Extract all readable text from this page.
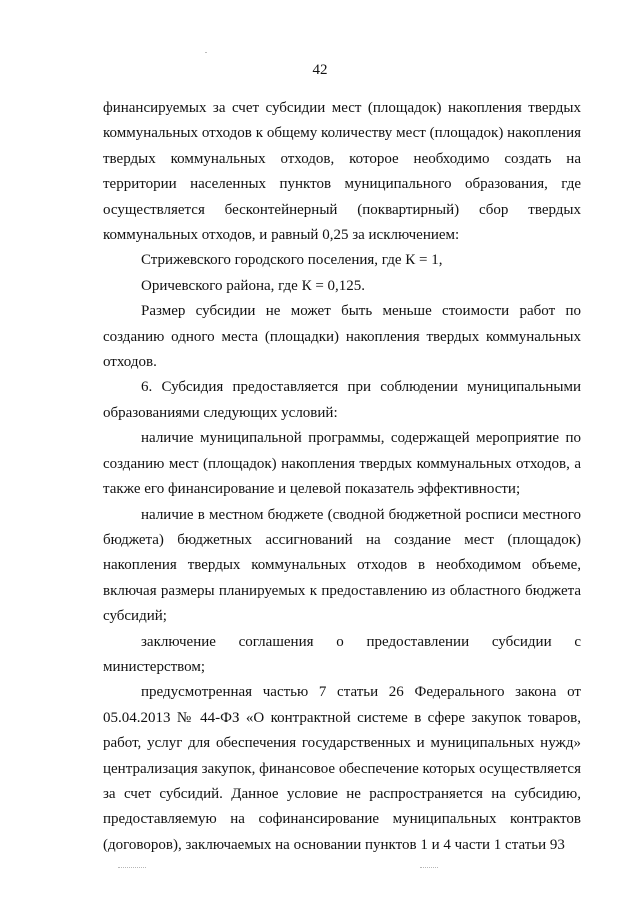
42

финансируемых за счет субсидии мест (площадок) накопления твердых коммунальных отходов к общему количеству мест (площадок) накопления твердых коммунальных отходов, которое необходимо создать на территории населенных пунктов муниципального образования, где осуществляется бесконтейнерный (поквартирный) сбор твердых коммунальных отходов, и равный 0,25 за исключением:

Стрижевского городского поселения, где К = 1,

Оричевского района, где К = 0,125.

Размер субсидии не может быть меньше стоимости работ по созданию одного места (площадки) накопления твердых коммунальных отходов.

6. Субсидия предоставляется при соблюдении муниципальными образованиями следующих условий:

наличие муниципальной программы, содержащей мероприятие по созданию мест (площадок) накопления твердых коммунальных отходов, а также его финансирование и целевой показатель эффективности;

наличие в местном бюджете (сводной бюджетной росписи местного бюджета) бюджетных ассигнований на создание мест (площадок) накопления твердых коммунальных отходов в необходимом объеме, включая размеры планируемых к предоставлению из областного бюджета субсидий;

заключение соглашения о предоставлении субсидии с министерством;

предусмотренная частью 7 статьи 26 Федерального закона от 05.04.2013 № 44-ФЗ «О контрактной системе в сфере закупок товаров, работ, услуг для обеспечения государственных и муниципальных нужд» централизация закупок, финансовое обеспечение которых осуществляется за счет субсидий. Данное условие не распространяется на субсидию, предоставляемую на софинансирование муниципальных контрактов (договоров), заключаемых на основании пунктов 1 и 4 части 1 статьи 93
